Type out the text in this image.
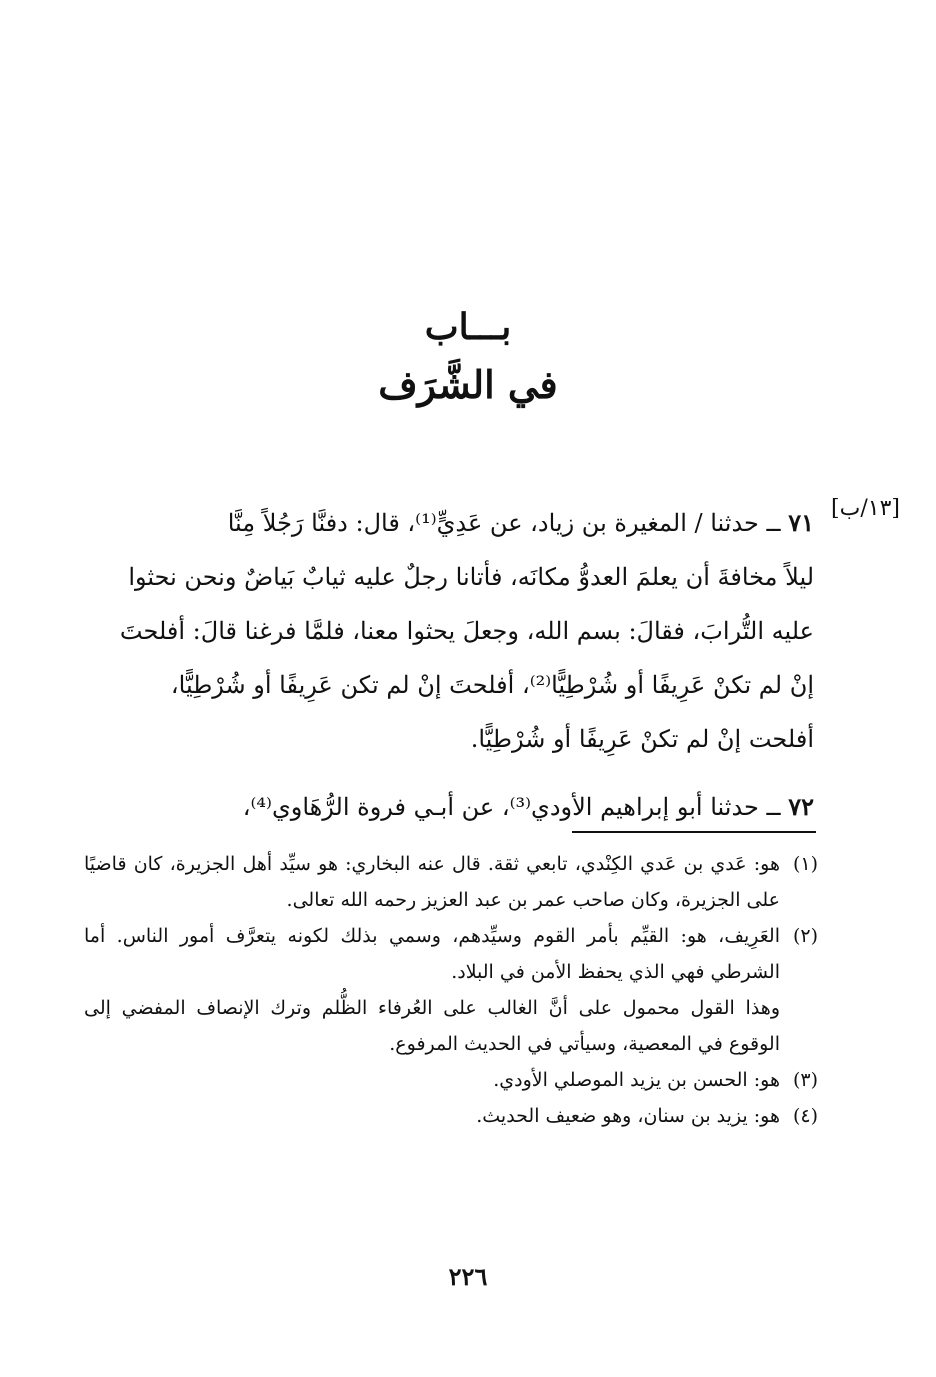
بـــاب
في الشَّرَف
[١٣/ب]

٧١ ــ حدثنا / المغيرة بن زياد، عن عَدِيٍّ⁽¹⁾، قال: دفنَّا رَجُلاً مِنَّا

ليلاً مخافةَ أن يعلمَ العدوُّ مكانَه، فأتانا رجلٌ عليه ثيابٌ بَياضٌ ونحن نحثوا

عليه التُّرابَ، فقالَ: بسم الله، وجعلَ يحثوا معنا، فلمَّا فرغنا قالَ: أفلحتَ

إنْ لم تكنْ عَرِيفًا أو شُرْطِيًّا⁽²⁾، أفلحتَ إنْ لم تكن عَرِيفًا أو شُرْطِيًّا،

أفلحت إنْ لم تكنْ عَرِيفًا أو شُرْطِيًّا.

٧٢ ــ حدثنا أبو إبراهيم الأودي⁽³⁾، عن أبـي فروة الرُّهَاوي⁽⁴⁾،

(١)

هو: عَدي بن عَدي الكِنْدي، تابعي ثقة. قال عنه البخاري: هو سيِّد أهل الجزيرة، كان قاضيًا على الجزيرة، وكان صاحب عمر بن عبد العزيز رحمه الله تعالى.

(٢)

العَرِيف، هو: القيِّم بأمر القوم وسيِّدهم، وسمي بذلك لكونه يتعرَّف أمور الناس. أما الشرطي فهي الذي يحفظ الأمن في البلاد.

وهذا القول محمول على أنَّ الغالب على العُرفاء الظُّلم وترك الإنصاف المفضي إلى الوقوع في المعصية، وسيأتي في الحديث المرفوع.

(٣)

هو: الحسن بن يزيد الموصلي الأودي.

(٤)

هو: يزيد بن سنان، وهو ضعيف الحديث.

٢٢٦
